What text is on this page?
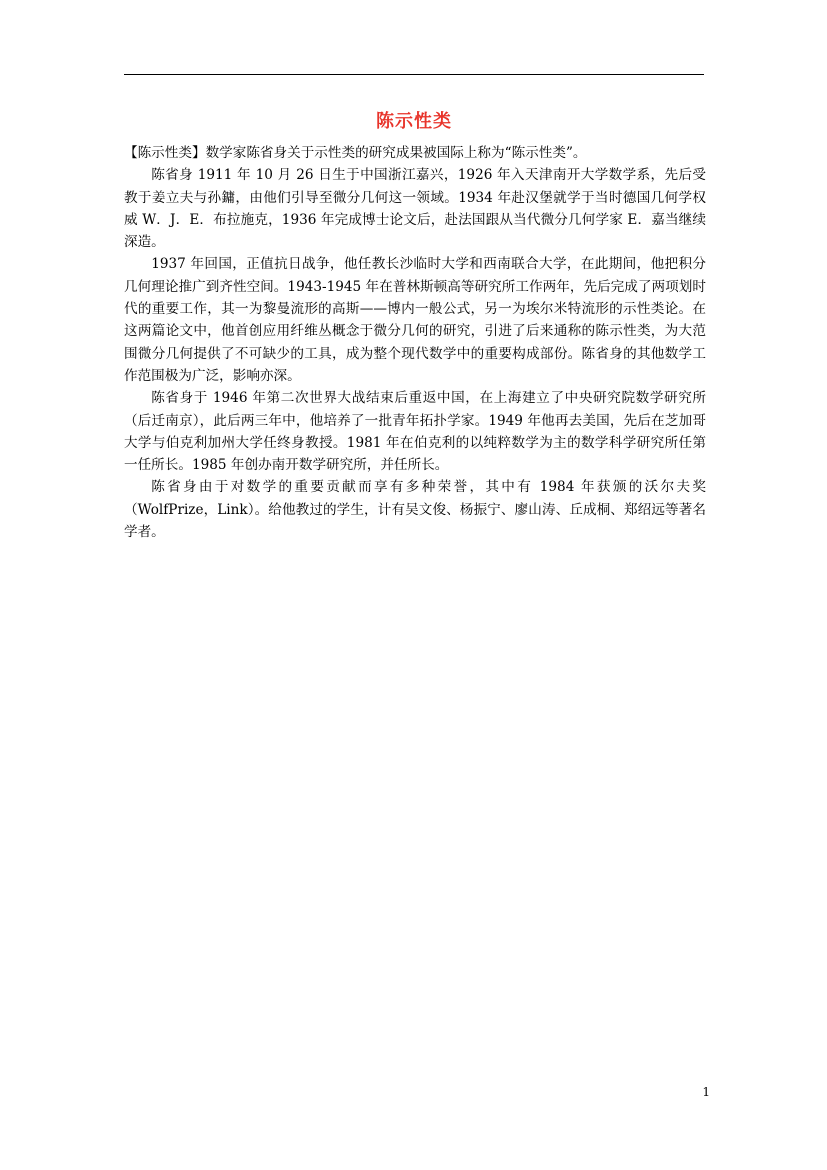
陈示性类

【陈示性类】数学家陈省身关于示性类的研究成果被国际上称为“陈示性类”。

陈省身 1911 年 10 月 26 日生于中国浙江嘉兴，1926 年入天津南开大学数学系，先后受教于姜立夫与孙鏞，由他们引导至微分几何这一领域。1934 年赴汉堡就学于当时德国几何学权威 W．J．E．布拉施克，1936 年完成博士论文后，赴法国跟从当代微分几何学家 E．嘉当继续深造。

1937 年回国，正值抗日战争，他任教长沙临时大学和西南联合大学，在此期间，他把积分几何理论推广到齐性空间。1943-1945 年在普林斯顿高等研究所工作两年，先后完成了两项划时代的重要工作，其一为黎曼流形的高斯——博内一般公式，另一为埃尔米特流形的示性类论。在这两篇论文中，他首创应用纤维丛概念于微分几何的研究，引进了后来通称的陈示性类，为大范围微分几何提供了不可缺少的工具，成为整个现代数学中的重要构成部份。陈省身的其他数学工作范围极为广泛，影响亦深。

陈省身于 1946 年第二次世界大战结束后重返中国，在上海建立了中央研究院数学研究所（后迁南京），此后两三年中，他培养了一批青年拓扑学家。1949 年他再去美国，先后在芝加哥大学与伯克利加州大学任终身教授。1981 年在伯克利的以纯粹数学为主的数学科学研究所任第一任所长。1985 年创办南开数学研究所，并任所长。

陈省身由于对数学的重要贡献而享有多种荣誉，其中有 1984 年获颁的沃尔夫奖（WolfPrize，Link）。给他教过的学生，计有吴文俊、杨振宁、廖山涛、丘成桐、郑绍远等著名学者。

1
